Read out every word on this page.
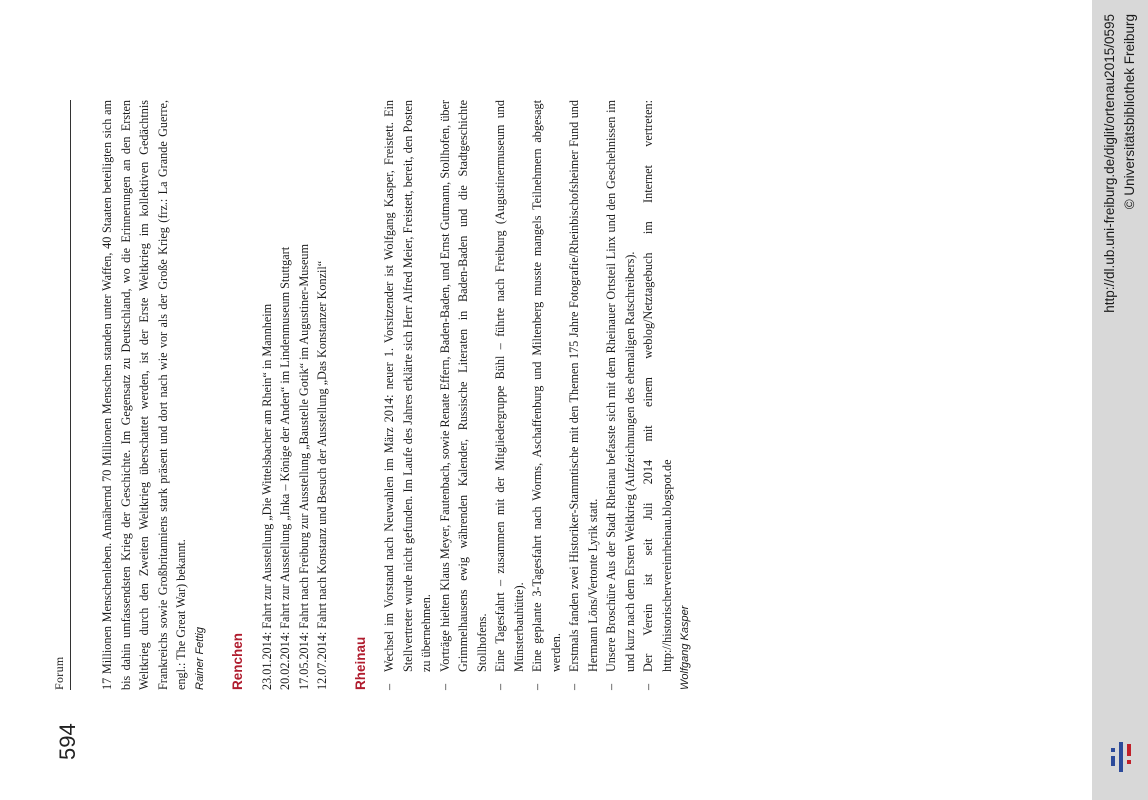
594
Forum	17 Millionen Menschenleben. Annähernd 70 Millionen Menschen standen unter Waffen, 40 Staaten beteiligten sich am bis dahin umfassendsten Krieg der Geschichte. Im Gegensatz zu Deutschland, wo die Erinnerungen an den Ersten Weltkrieg durch den Zweiten Weltkrieg überschattet werden, ist der Erste Weltkrieg im kollektiven Gedächtnis Frankreichs sowie Großbritanniens stark präsent und dort nach wie vor als der Große Krieg (frz.: La Grande Guerre, engl.: The Great War) bekannt. Rainer Fettig Renchen 23.01.2014: Fahrt zur Ausstellung „Die Wittelsbacher am Rhein“ in Mannheim 20.02.2014: Fahrt zur Ausstellung „Inka – Könige der Anden“ im Lindenmuseum Stuttgart 17.05.2014: Fahrt nach Freiburg zur Ausstellung „Baustelle Gotik“ im Augustiner-Museum 12.07.2014: Fahrt nach Konstanz und Besuch der Ausstellung „Das Konstanzer Konzil“ Rheinau –
Wechsel im Vorstand nach Neuwahlen im März 2014: neuer 1. Vorsitzender ist Wolfgang Kasper, Freistett. Ein Stellvertreter wurde nicht gefunden. Im Laufe des Jahres erklärte sich Herr Alfred Meier, Freistett, bereit, den Posten zu übernehmen.
–
Vorträge hielten Klaus Meyer, Fautenbach, sowie Renate Effern, Baden-Baden, und Ernst Gutmann, Stollhofen, über Grimmelhausens ewig währenden Kalender, Russische Literaten in Baden-Baden und die Stadtgeschichte Stollhofens.
–
Eine Tagesfahrt – zusammen mit der Mitgliedergruppe Bühl – führte nach Freiburg (Augustinermuseum und Münsterbauhütte).
–
Eine geplante 3-Tagesfahrt nach Worms, Aschaffenburg und Miltenberg musste mangels Teilnehmern abgesagt werden.
–
Erstmals fanden zwei Historiker-Stammtische mit den Themen 175 Jahre Fotografie/Rheinbischofsheimer Fund und Hermann Löns/Vertonte Lyrik statt.
–
Unsere Broschüre Aus der Stadt Rheinau befasste sich mit dem Rheinauer Ortsteil Linx und den Geschehnissen im und kurz nach dem Ersten Weltkrieg (Aufzeichnungen des ehemaligen Ratschreibers).
–
Der Verein ist seit Juli 2014 mit einem weblog/Netztagebuch im Internet vertreten: http://historischervereinrheinau.blogspot.de Wolfgang Kasper

http://dl.ub.uni-freiburg.de/diglit/ortenau2015/0595 © Universitätsbibliothek Freiburg
